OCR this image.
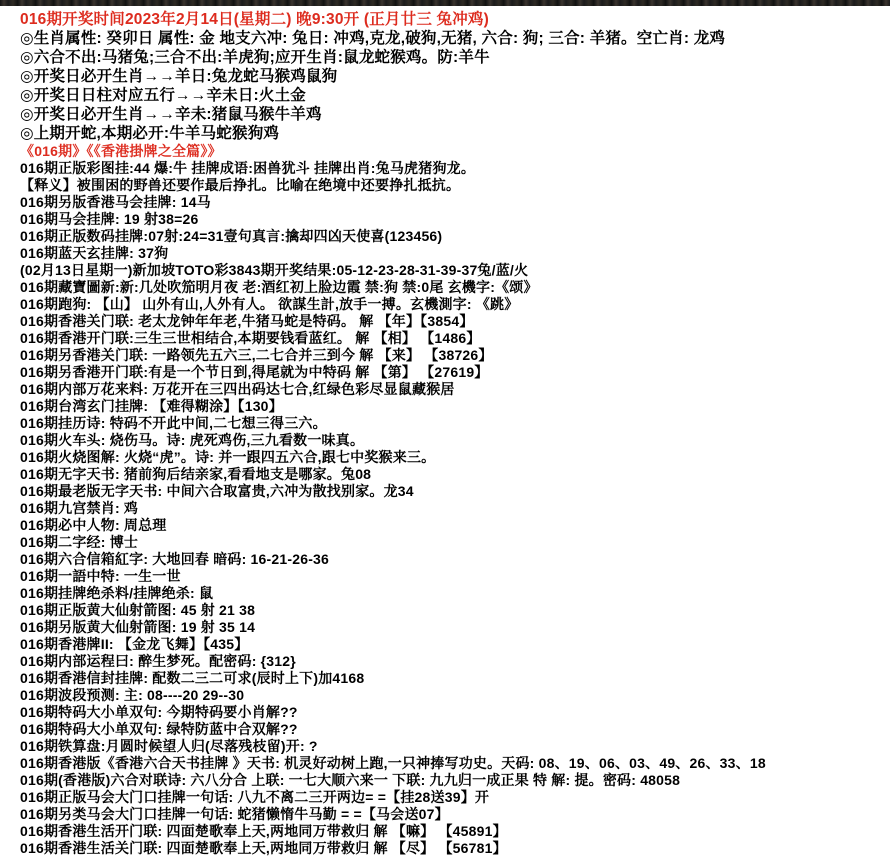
016期开奖时间2023年2月14日(星期二) 晚9:30开 (正月廿三 兔冲鸡)
◎生肖属性: 癸卯日 属性: 金 地支六冲: 兔日: 冲鸡,克龙,破狗,无猪, 六合: 狗; 三合: 羊猪。空亡肖: 龙鸡
◎六合不出:马猪兔;三合不出:羊虎狗;应开生肖:鼠龙蛇猴鸡。防:羊牛
◎开奖日必开生肖→→羊日:兔龙蛇马猴鸡鼠狗
◎开奖日日柱对应五行→→辛未日:火土金
◎开奖日必开生肖→→辛未:猪鼠马猴牛羊鸡
◎上期开蛇,本期必开:牛羊马蛇猴狗鸡
《016期》《《香港掛牌之全篇》》
016期正版彩图挂:44 爆:牛 挂牌成语:困兽犹斗 挂牌出肖:兔马虎猪狗龙。
【释义】被围困的野兽还要作最后挣扎。比喻在绝境中还要挣扎抵抗。
016期另版香港马会挂牌: 14马
016期马会挂牌: 19 射38=26
016期正版数码挂牌:07射:24=31壹句真言:擒却四凶天使喜(123456)
016期蓝天玄挂牌: 37狗
(02月13日星期一)新加坡TOTO彩3843期开奖结果:05-12-23-28-31-39-37兔/蓝/火
016期藏寶圖新:新:几处吹笳明月夜 老:酒红初上脸边霞 禁:狗 禁:0尾 玄機字:《颂》
016期跑狗: 【山】 山外有山,人外有人。 欲謀生計,放手一搏。玄機測字: 《跳》
016期香港关门联: 老太龙钟年年老,牛猪马蛇是特码。 解 【年】【3854】
016期香港开门联:三生三世相结合,本期要钱看蓝红。 解 【相】 【1486】
016期另香港关门联: 一路领先五六三,二七合并三到今 解 【来】 【38726】
016期另香港开门联:有是一个节日到,得尾就为中特码 解 【第】 【27619】
016期内部万花来料: 万花开在三四出码达七合,红绿色彩尽显鼠藏猴居
016期台湾玄门挂牌: 【难得糊涂】【130】
016期挂历诗: 特码不开此中间,二七想三得三六。
016期火车头: 烧伤马。诗: 虎死鸡伤,三九看数一味真。
016期火烧图解: 火烧“虎”。诗: 并一跟四五六合,跟七中奖猴来三。
016期无字天书: 猪前狗后结亲家,看看地支是哪家。兔08
016期最老版无字天书: 中间六合取富贵,六冲为散找别家。龙34
016期九宫禁肖: 鸡
016期必中人物: 周总理
016期二字经: 博士
016期六合信箱紅字: 大地回春 暗码: 16-21-26-36
016期一語中特: 一生一世
016期挂牌绝杀料/挂牌绝杀: 鼠
016期正版黄大仙射箭图: 45 射 21 38
016期另版黄大仙射箭图: 19 射 35 14
016期香港牌II: 【金龙飞舞】【435】
016期内部运程曰: 醉生梦死。配密码: {312}
016期香港信封挂牌: 配数二三二可求(辰时上下)加4168
016期波段预测: 主: 08----20 29--30
016期特码大小单双句: 今期特码要小肖解??
016期特码大小单双句: 绿特防蓝中合双解??
016期铁算盘:月圆时候望人归(尽落残枝留)开: ?
016期香港版《香港六合天书挂牌 》天书: 机灵好动树上跑,一只神捧写功史。天码: 08、19、06、03、49、26、33、18
016期(香港版)六合对联诗: 六八分合 上联: 一七大顺六来一 下联: 九九归一成正果 特 解: 提。密码: 48058
016期正版马会大门口挂牌一句话: 八九不离二三开两边= =【挂28送39】开
016期另类马会大门口挂牌一句话: 蛇猪懒惰牛马勤 = =【马会送07】
016期香港生活开门联: 四面楚歌奉上天,两地同万带救归 解 【嘛】 【45891】
016期香港生活关门联: 四面楚歌奉上天,两地同万带救归 解 【尽】 【56781】
